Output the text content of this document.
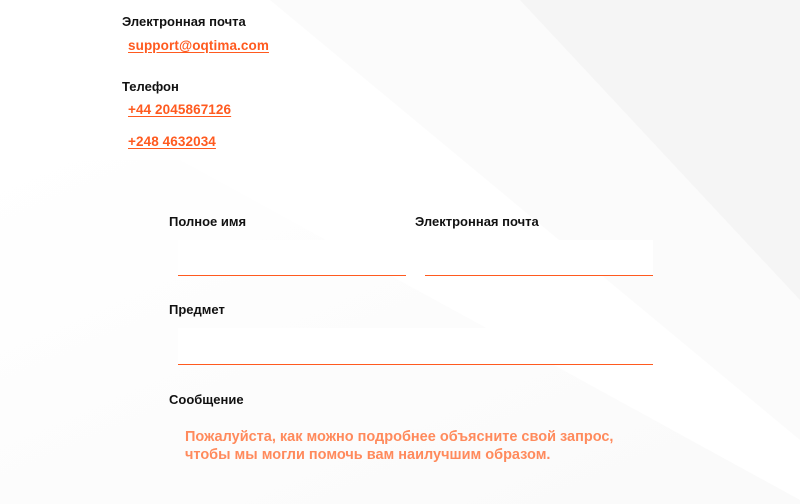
Электронная почта

support@oqtima.com

Телефон

+44 2045867126
+248 4632034
Полное имя	Электронная почта
Предмет
Сообщение
Пожалуйста, как можно подробнее объясните свой запрос, чтобы мы могли помочь вам наилучшим образом.
